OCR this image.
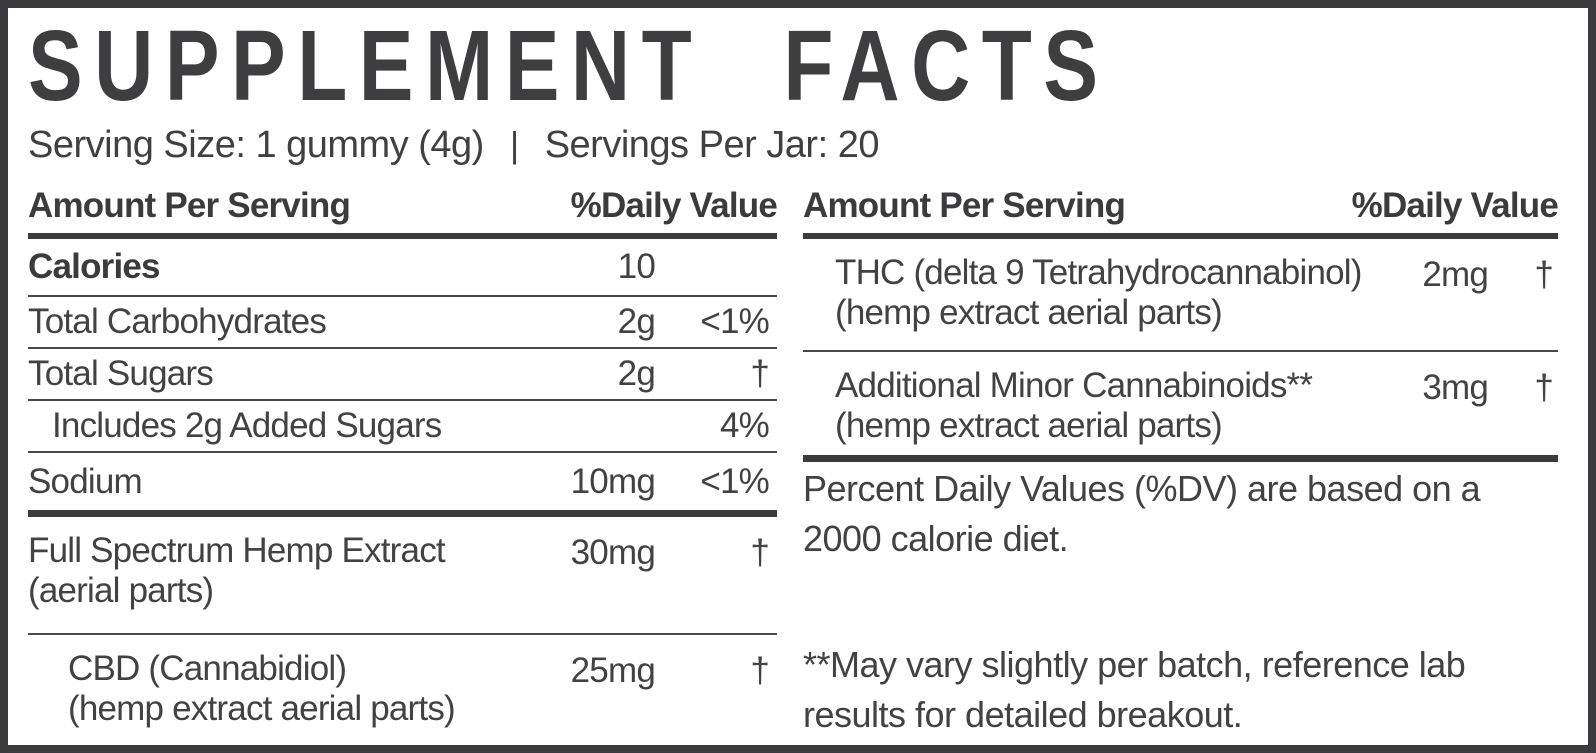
SUPPLEMENT FACTS
Serving Size: 1 gummy (4g) | Servings Per Jar: 20
Amount Per Serving	%Daily Value
Calories	10
Total Carbohydrates	2g	<1%
Total Sugars	2g	†
Includes 2g Added Sugars	4%
Sodium	10mg	<1%
Full Spectrum Hemp Extract
(aerial parts)
30mg	†
CBD (Cannabidiol)
(hemp extract aerial parts)
25mg	†
Amount Per Serving	%Daily Value
THC (delta 9 Tetrahydrocannabinol)
(hemp extract aerial parts)
2mg	†
Additional Minor Cannabinoids**
(hemp extract aerial parts)
3mg	†
Percent Daily Values (%DV) are based on a 2000 calorie diet.
**May vary slightly per batch, reference lab results for detailed breakout.
